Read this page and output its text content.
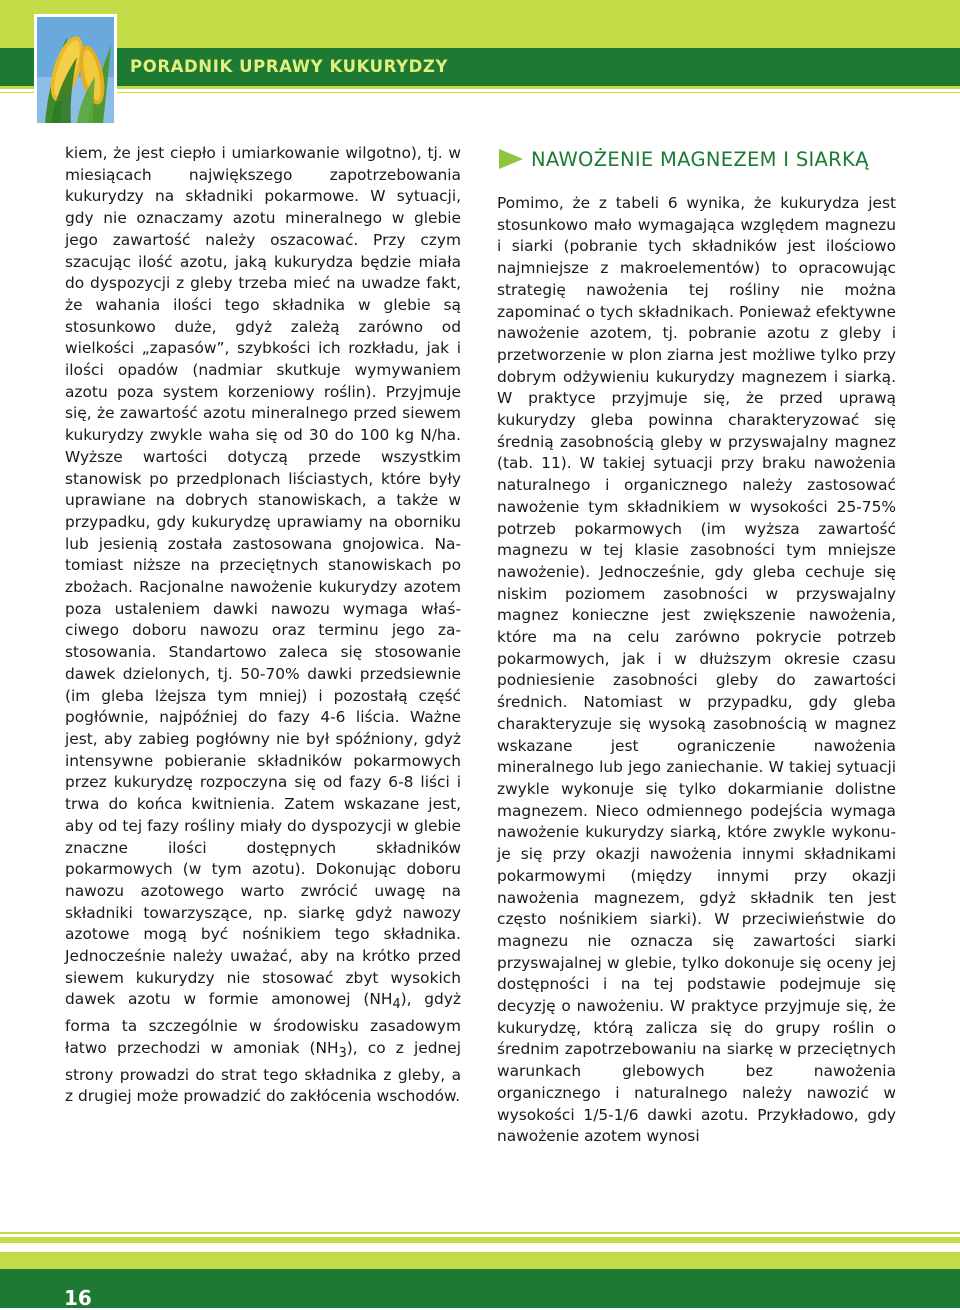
PORADNIK UPRAWY KUKURYDZY

kiem, że jest ciepło i umiarkowanie wilgotno), tj. w miesiącach największego zapotrzebowania kukurydzy na składniki pokarmowe. W sytuacji, gdy nie oznaczamy azotu mineralnego w glebie jego zawartość należy oszacować. Przy czym szacując ilość azotu, jaką kukurydza będzie miała do dyspozycji z gleby trzeba mieć na uwadze fakt, że wahania ilości tego składnika w glebie są stosunkowo duże, gdyż zależą zarówno od wielkości „zapasów”, szybkości ich rozkładu, jak i ilości opadów (nadmiar skutkuje wymywaniem azotu poza system korzeniowy roślin). Przyjmuje się, że zawartość azotu mineralnego przed siewem kukurydzy zwykle waha się od 30 do 100 kg N/ha. Wyższe wartości dotyczą przede wszystkim stanowisk po przedplonach liściastych, które były uprawiane na dobrych stanowiskach, a także w przypadku, gdy kukurydzę uprawiamy na oborniku lub jesienią została zastosowana gnojowica. Natomiast niższe na przeciętnych stanowiskach po zbożach. Racjonalne nawożenie kukurydzy azotem poza ustaleniem dawki nawozu wymaga właściwego doboru nawozu oraz terminu jego zastosowania. Standartowo zaleca się stosowanie dawek dzielonych, tj. 50-70% dawki przedsiewnie (im gleba lżejsza tym mniej) i pozostałą część pogłównie, najpóźniej do fazy 4-6 liścia. Ważne jest, aby zabieg pogłówny nie był spóźniony, gdyż intensywne pobieranie składników pokarmowych przez kukurydzę rozpoczyna się od fazy 6-8 liści i trwa do końca kwitnienia. Zatem wskazane jest, aby od tej fazy rośliny miały do dyspozycji w glebie znaczne ilości dostępnych składników pokarmowych (w tym azotu). Dokonując doboru nawozu azotowego warto zwrócić uwagę na składniki towarzyszące, np. siarkę gdyż nawozy azotowe mogą być nośnikiem tego składnika. Jednocześnie należy uważać, aby na krótko przed siewem kukurydzy nie stosować zbyt wysokich dawek azotu w formie amonowej $(NH_4)$, gdyż forma ta szczególnie w środowisku zasadowym łatwo przechodzi w amoniak $(NH_3)$, co z jednej strony prowadzi do strat tego składnika z gleby, a z drugiej może prowadzić do zakłócenia wschodów.

NAWOŻENIE MAGNEZEM I SIARKĄ

Pomimo, że z tabeli 6 wynika, że kukurydza jest stosunkowo mało wymagająca względem magnezu i siarki (pobranie tych składników jest ilościowo najmniejsze z makroelementów) to opracowując strategię nawożenia tej rośliny nie można zapominać o tych składnikach. Ponieważ efektywne nawożenie azotem, tj. pobranie azotu z gleby i przetworzenie w plon ziarna jest możliwe tylko przy dobrym odżywieniu kukurydzy magnezem i siarką. W praktyce przyjmuje się, że przed uprawą kukurydzy gleba powinna charakteryzować się średnią zasobnością gleby w przyswajalny magnez (tab. 11). W takiej sytuacji przy braku nawożenia naturalnego i organicznego należy zastosować nawożenie tym składnikiem w wysokości 25-75% potrzeb pokarmowych (im wyższa zawartość magnezu w tej klasie zasobności tym mniejsze nawożenie). Jednocześnie, gdy gleba cechuje się niskim poziomem zasobności w przyswajalny magnez konieczne jest zwiększenie nawożenia, które ma na celu zarówno pokrycie potrzeb pokarmowych, jak i w dłuższym okresie czasu podniesienie zasobności gleby do zawartości średnich. Natomiast w przypadku, gdy gleba charakteryzuje się wysoką zasobnością w magnez wskazane jest ograniczenie nawożenia mineralnego lub jego zaniechanie. W takiej sytuacji zwykle wykonuje się tylko dokarmianie dolistne magnezem. Nieco odmiennego podejścia wymaga nawożenie kukurydzy siarką, które zwykle wykonuje się przy okazji nawożenia innymi składnikami pokarmowymi (między innymi przy okazji nawożenia magnezem, gdyż składnik ten jest często nośnikiem siarki). W przeciwieństwie do magnezu nie oznacza się zawartości siarki przyswajalnej w glebie, tylko dokonuje się oceny jej dostępności i na tej podstawie podejmuje się decyzję o nawożeniu. W praktyce przyjmuje się, że kukurydzę, którą zalicza się do grupy roślin o średnim zapotrzebowaniu na siarkę w przeciętnych warunkach glebowych bez nawożenia organicznego i naturalnego należy nawozić w wysokości 1/5-1/6 dawki azotu. Przykładowo, gdy nawożenie azotem wynosi

16
